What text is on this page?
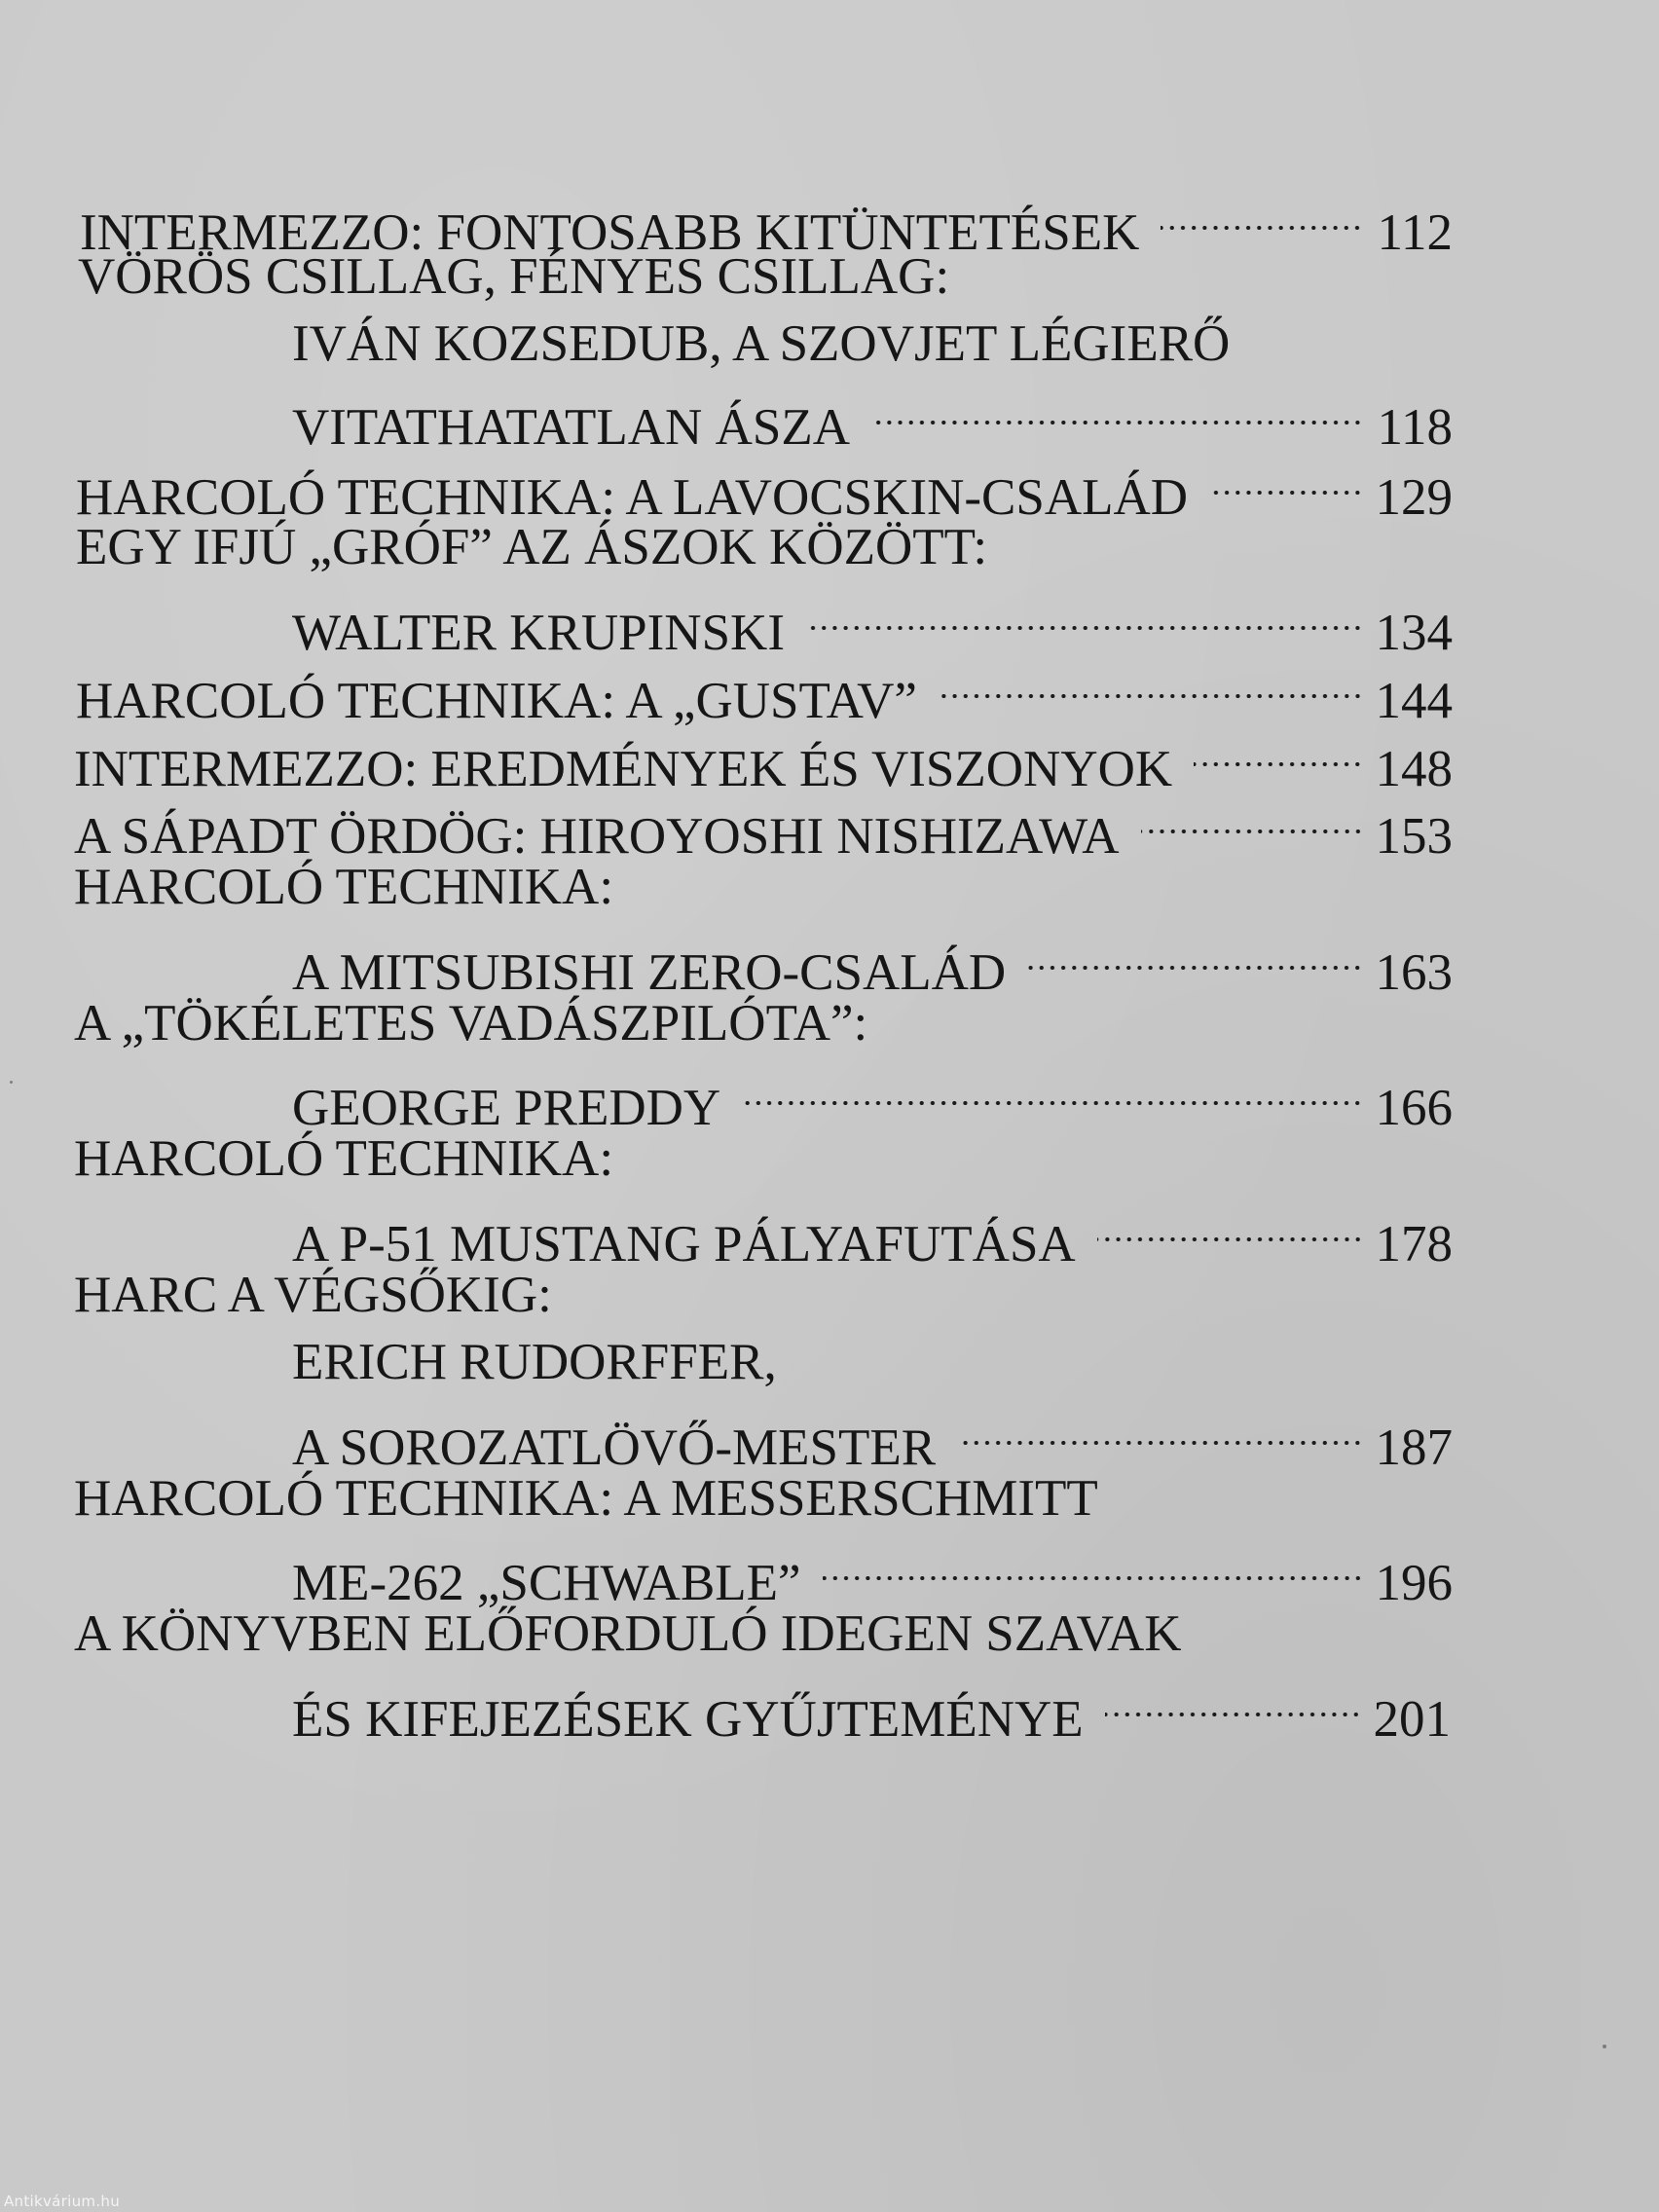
INTERMEZZO: FONTOSABB KITÜNTETÉSEK	112
VÖRÖS CSILLAG, FÉNYES CSILLAG:
IVÁN KOZSEDUB, A SZOVJET LÉGIERŐ
VITATHATATLAN ÁSZA	118
HARCOLÓ TECHNIKA: A LAVOCSKIN-CSALÁD	129
EGY IFJÚ „GRÓF” AZ ÁSZOK KÖZÖTT:
WALTER KRUPINSKI	134
HARCOLÓ TECHNIKA: A „GUSTAV”	144
INTERMEZZO: EREDMÉNYEK ÉS VISZONYOK	148
A SÁPADT ÖRDÖG: HIROYOSHI NISHIZAWA	153
HARCOLÓ TECHNIKA:
A MITSUBISHI ZERO-CSALÁD	163
A „TÖKÉLETES VADÁSZPILÓTA”:
GEORGE PREDDY	166
HARCOLÓ TECHNIKA:
A P-51 MUSTANG PÁLYAFUTÁSA	178
HARC A VÉGSŐKIG:
ERICH RUDORFFER,
A SOROZATLÖVŐ-MESTER	187
HARCOLÓ TECHNIKA: A MESSERSCHMITT
ME-262 „SCHWABLE”	196
A KÖNYVBEN ELŐFORDULÓ IDEGEN SZAVAK
ÉS KIFEJEZÉSEK GYŰJTEMÉNYE	201
Antikvárium.hu
